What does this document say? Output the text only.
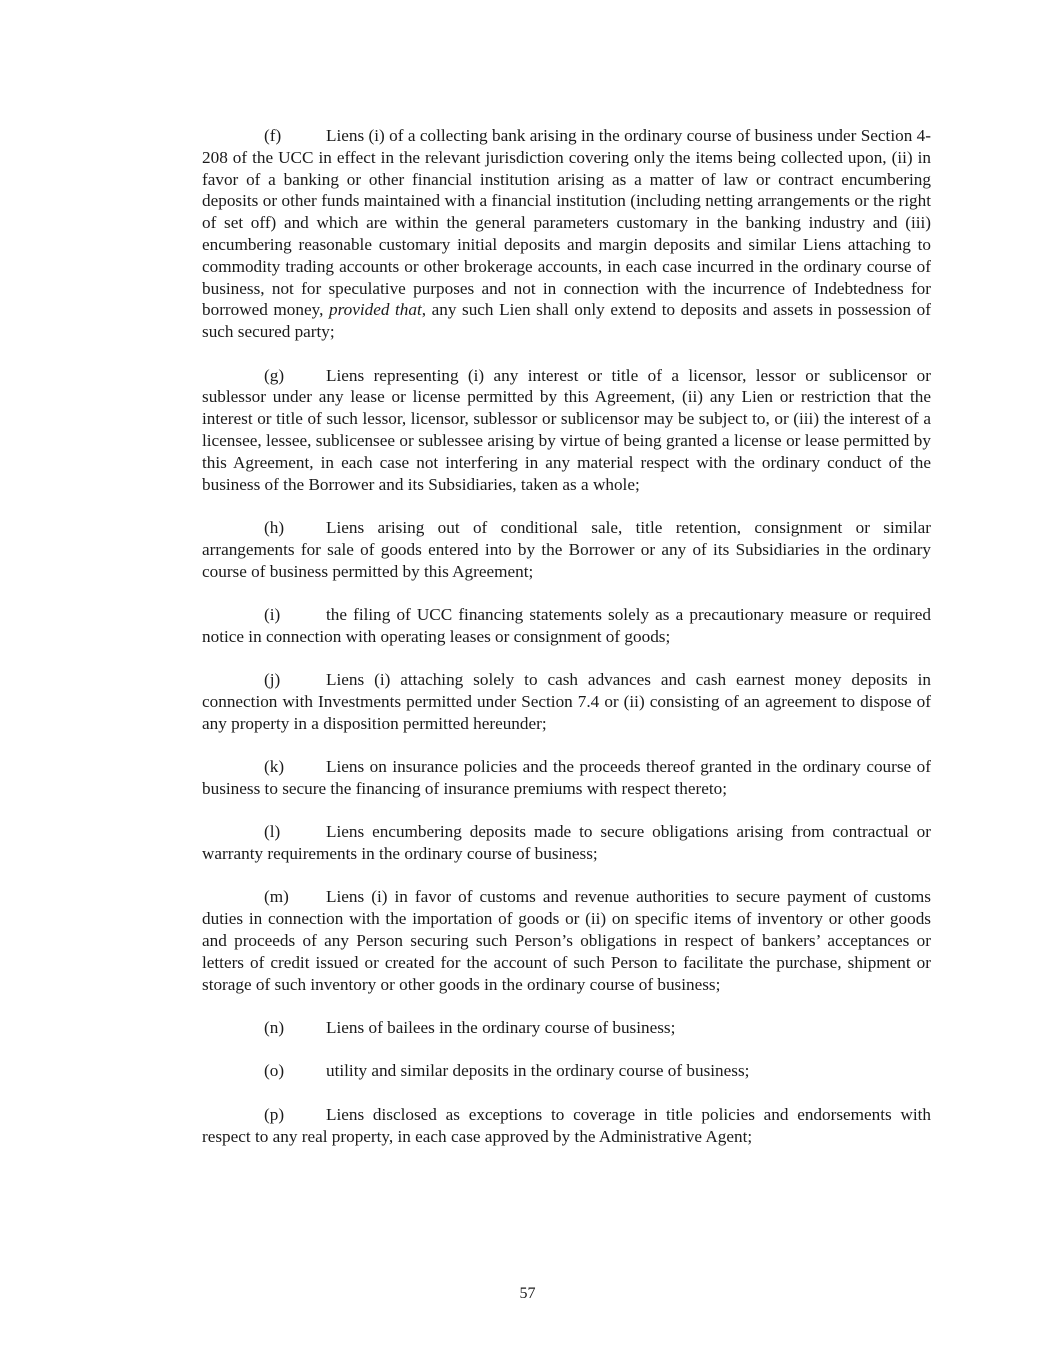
(f)	Liens (i) of a collecting bank arising in the ordinary course of business under Section 4-208 of the UCC in effect in the relevant jurisdiction covering only the items being collected upon, (ii) in favor of a banking or other financial institution arising as a matter of law or contract encumbering deposits or other funds maintained with a financial institution (including netting arrangements or the right of set off) and which are within the general parameters customary in the banking industry and (iii) encumbering reasonable customary initial deposits and margin deposits and similar Liens attaching to commodity trading accounts or other brokerage accounts, in each case incurred in the ordinary course of business, not for speculative purposes and not in connection with the incurrence of Indebtedness for borrowed money, provided that, any such Lien shall only extend to deposits and assets in possession of such secured party;

(g) Liens representing (i) any interest or title of a licensor, lessor or sublicensor or sublessor under any lease or license permitted by this Agreement, (ii) any Lien or restriction that the interest or title of such lessor, licensor, sublessor or sublicensor may be subject to, or (iii) the interest of a licensee, lessee, sublicensee or sublessee arising by virtue of being granted a license or lease permitted by this Agreement, in each case not interfering in any material respect with the ordinary conduct of the business of the Borrower and its Subsidiaries, taken as a whole;

(h) Liens arising out of conditional sale, title retention, consignment or similar arrangements for sale of goods entered into by the Borrower or any of its Subsidiaries in the ordinary course of business permitted by this Agreement;

(i)	the filing of UCC financing statements solely as a precautionary measure or required notice in connection with operating leases or consignment of goods;

(j)	Liens (i) attaching solely to cash advances and cash earnest money deposits in connection with Investments permitted under Section 7.4 or (ii) consisting of an agreement to dispose of any property in a disposition permitted hereunder;

(k) Liens on insurance policies and the proceeds thereof granted in the ordinary course of business to secure the financing of insurance premiums with respect thereto;

(l)	Liens encumbering deposits made to secure obligations arising from contractual or warranty requirements in the ordinary course of business;

(m) Liens (i) in favor of customs and revenue authorities to secure payment of customs duties in connection with the importation of goods or (ii) on specific items of inventory or other goods and proceeds of any Person securing such Person’s obligations in respect of bankers’ acceptances or letters of credit issued or created for the account of such Person to facilitate the purchase, shipment or storage of such inventory or other goods in the ordinary course of business;

(n) Liens of bailees in the ordinary course of business;

(o) utility and similar deposits in the ordinary course of business;

(p) Liens disclosed as exceptions to coverage in title policies and endorsements with respect to any real property, in each case approved by the Administrative Agent;

57
